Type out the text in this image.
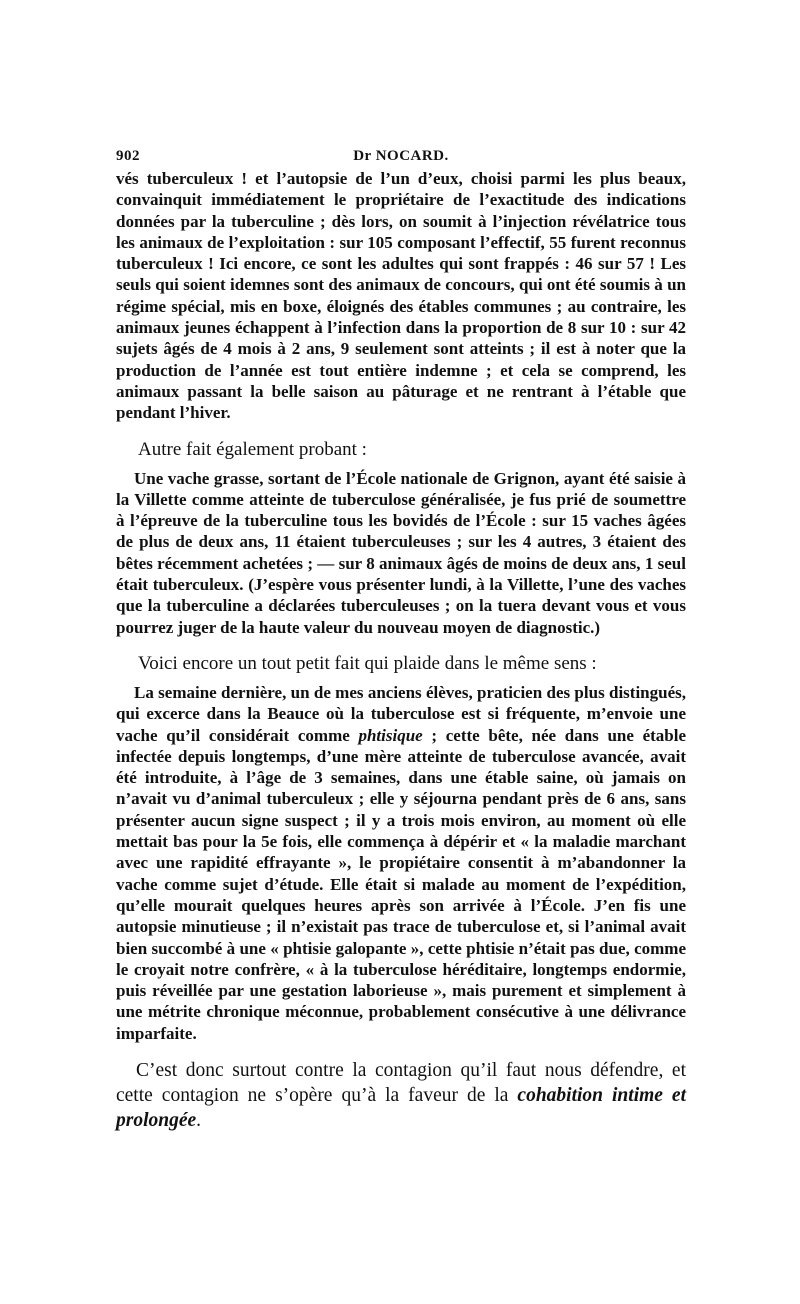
902	Dr NOCARD.

vés tuberculeux ! et l’autopsie de l’un d’eux, choisi parmi les plus beaux, convainquit immédiatement le propriétaire de l’exactitude des indications données par la tuberculine ; dès lors, on soumit à l’injection révélatrice tous les animaux de l’exploitation : sur 105 composant l’effectif, 55 furent reconnus tuberculeux ! Ici encore, ce sont les adultes qui sont frappés : 46 sur 57 ! Les seuls qui soient idemnes sont des animaux de concours, qui ont été soumis à un régime spécial, mis en boxe, éloignés des étables communes ; au contraire, les animaux jeunes échappent à l’infection dans la proportion de 8 sur 10 : sur 42 sujets âgés de 4 mois à 2 ans, 9 seulement sont atteints ; il est à noter que la production de l’année est tout entière indemne ; et cela se comprend, les animaux passant la belle saison au pâturage et ne rentrant à l’étable que pendant l’hiver.

Autre fait également probant :

Une vache grasse, sortant de l’École nationale de Grignon, ayant été saisie à la Villette comme atteinte de tuberculose généralisée, je fus prié de soumettre à l’épreuve de la tuberculine tous les bovidés de l’École : sur 15 vaches âgées de plus de deux ans, 11 étaient tuberculeuses ; sur les 4 autres, 3 étaient des bêtes récemment achetées ; — sur 8 animaux âgés de moins de deux ans, 1 seul était tuberculeux. (J’espère vous présenter lundi, à la Villette, l’une des vaches que la tuberculine a déclarées tuberculeuses ; on la tuera devant vous et vous pourrez juger de la haute valeur du nouveau moyen de diagnostic.)

Voici encore un tout petit fait qui plaide dans le même sens :

La semaine dernière, un de mes anciens élèves, praticien des plus distingués, qui excerce dans la Beauce où la tuberculose est si fréquente, m’envoie une vache qu’il considérait comme phtisique ; cette bête, née dans une étable infectée depuis longtemps, d’une mère atteinte de tuberculose avancée, avait été introduite, à l’âge de 3 semaines, dans une étable saine, où jamais on n’avait vu d’animal tuberculeux ; elle y séjourna pendant près de 6 ans, sans présenter aucun signe suspect ; il y a trois mois environ, au moment où elle mettait bas pour la 5e fois, elle commença à dépérir et « la maladie marchant avec une rapidité effrayante », le propiétaire consentit à m’abandonner la vache comme sujet d’étude. Elle était si malade au moment de l’expédition, qu’elle mourait quelques heures après son arrivée à l’École. J’en fis une autopsie minutieuse ; il n’existait pas trace de tuberculose et, si l’animal avait bien succombé à une « phtisie galopante », cette phtisie n’était pas due, comme le croyait notre confrère, « à la tuberculose héréditaire, longtemps endormie, puis réveillée par une gestation laborieuse », mais purement et simplement à une métrite chronique méconnue, probablement consécutive à une délivrance imparfaite.

C’est donc surtout contre la contagion qu’il faut nous défendre, et cette contagion ne s’opère qu’à la faveur de la cohabition intime et prolongée.
